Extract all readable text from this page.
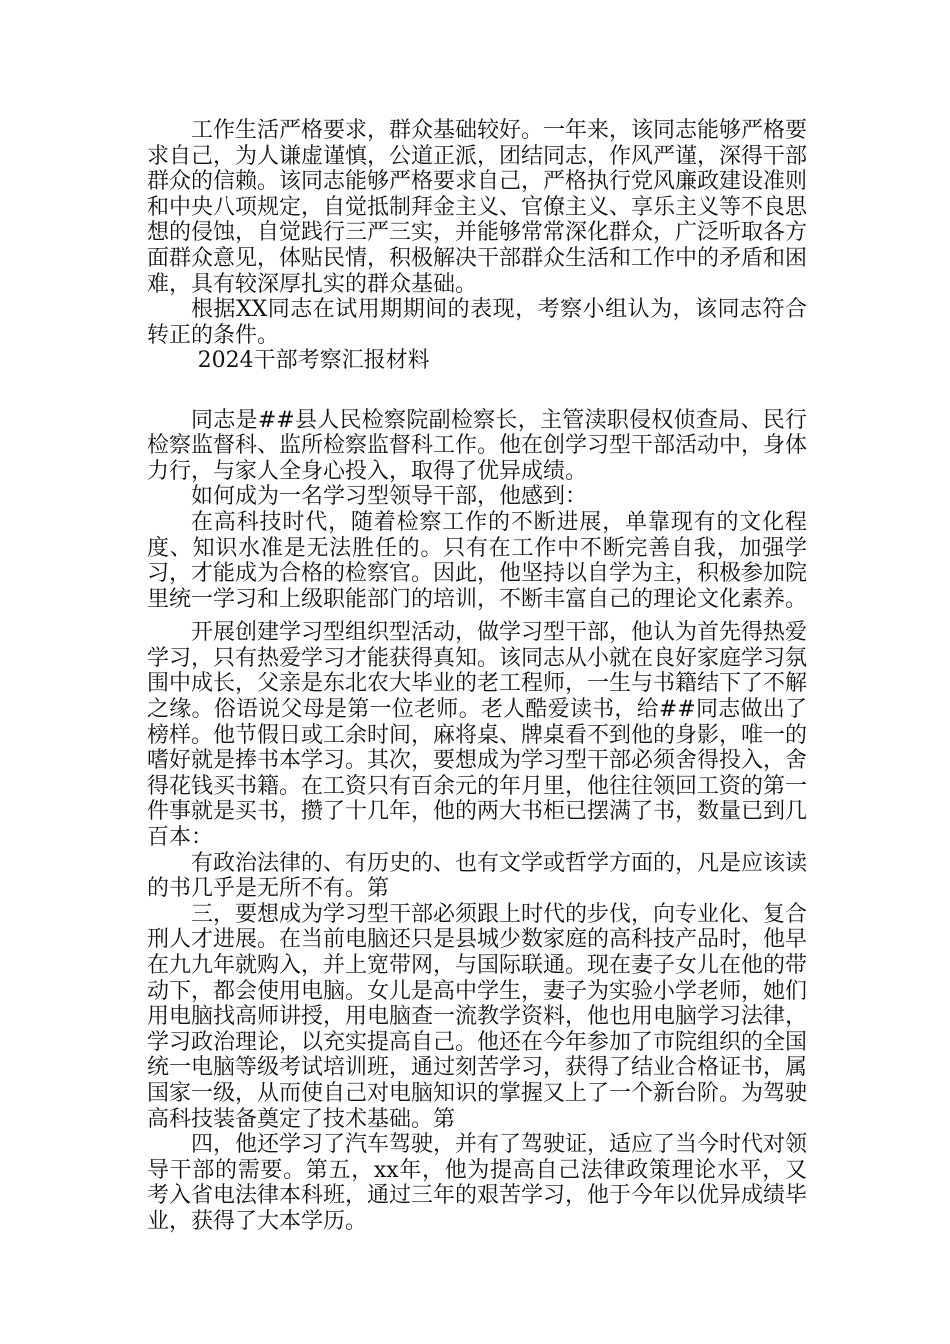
工作生活严格要求，群众基础较好。一年来，该同志能够严格要求自己，为人谦虚谨慎，公道正派，团结同志，作风严谨，深得干部群众的信赖。该同志能够严格要求自己，严格执行党风廉政建设准则和中央八项规定，自觉抵制拜金主义、官僚主义、享乐主义等不良思想的侵蚀，自觉践行三严三实，并能够常常深化群众，广泛听取各方面群众意见，体贴民情，积极解决干部群众生活和工作中的矛盾和困难，具有较深厚扎实的群众基础。

根据XX同志在试用期期间的表现，考察小组认为，该同志符合转正的条件。

2024干部考察汇报材料

同志是##县人民检察院副检察长，主管渎职侵权侦查局、民行检察监督科、监所检察监督科工作。他在创学习型干部活动中，身体力行，与家人全身心投入，取得了优异成绩。

如何成为一名学习型领导干部，他感到：

在高科技时代，随着检察工作的不断进展，单靠现有的文化程度、知识水准是无法胜任的。只有在工作中不断完善自我，加强学习，才能成为合格的检察官。因此，他坚持以自学为主，积极参加院里统一学习和上级职能部门的培训，不断丰富自己的理论文化素养。

开展创建学习型组织型活动，做学习型干部，他认为首先得热爱学习，只有热爱学习才能获得真知。该同志从小就在良好家庭学习氛围中成长，父亲是东北农大毕业的老工程师，一生与书籍结下了不解之缘。俗语说父母是第一位老师。老人酷爱读书，给##同志做出了榜样。他节假日或工余时间，麻将桌、牌桌看不到他的身影，唯一的嗜好就是捧书本学习。其次，要想成为学习型干部必须舍得投入，舍得花钱买书籍。在工资只有百余元的年月里，他往往领回工资的第一件事就是买书，攒了十几年，他的两大书柜已摆满了书，数量已到几百本：

有政治法律的、有历史的、也有文学或哲学方面的，凡是应该读的书几乎是无所不有。第

三，要想成为学习型干部必须跟上时代的步伐，向专业化、复合刑人才进展。在当前电脑还只是县城少数家庭的高科技产品时，他早在九九年就购入，并上宽带网，与国际联通。现在妻子女儿在他的带动下，都会使用电脑。女儿是高中学生，妻子为实验小学老师，她们用电脑找高师讲授，用电脑查一流教学资料，他也用电脑学习法律，学习政治理论，以充实提高自己。他还在今年参加了市院组织的全国统一电脑等级考试培训班，通过刻苦学习，获得了结业合格证书，属国家一级，从而使自己对电脑知识的掌握又上了一个新台阶。为驾驶高科技装备奠定了技术基础。第

四，他还学习了汽车驾驶，并有了驾驶证，适应了当今时代对领导干部的需要。第五，xx年，他为提高自己法律政策理论水平，又考入省电法律本科班，通过三年的艰苦学习，他于今年以优异成绩毕业，获得了大本学历。
